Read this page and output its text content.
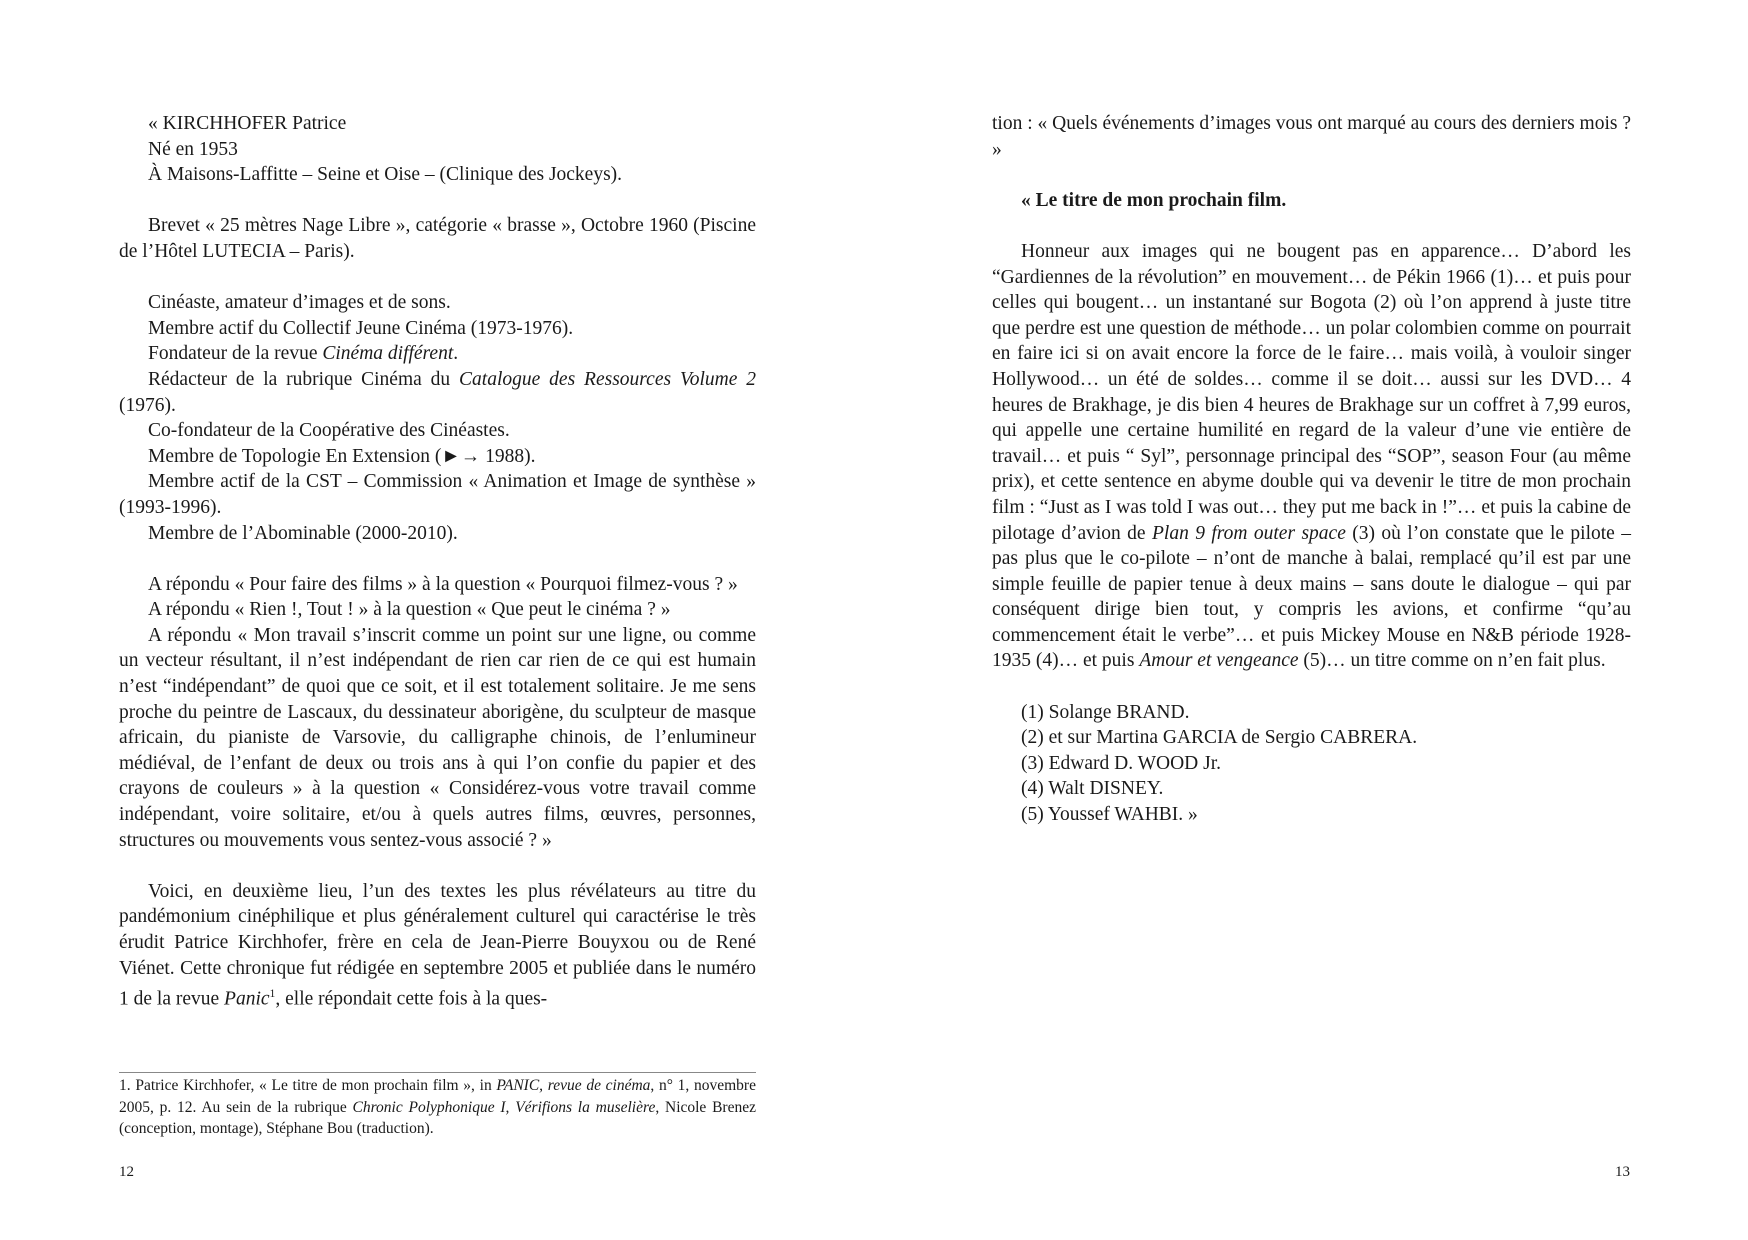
« KIRCHHOFER Patrice
Né en 1953
À Maisons-Laffitte – Seine et Oise – (Clinique des Jockeys).

Brevet « 25 mètres Nage Libre », catégorie « brasse », Octobre 1960 (Piscine de l’Hôtel LUTECIA – Paris).

Cinéaste, amateur d’images et de sons.
Membre actif du Collectif Jeune Cinéma (1973-1976).
Fondateur de la revue Cinéma différent.
Rédacteur de la rubrique Cinéma du Catalogue des Ressources Volume 2 (1976).
Co-fondateur de la Coopérative des Cinéastes.
Membre de Topologie En Extension (►→ 1988).
Membre actif de la CST – Commission « Animation et Image de synthèse » (1993-1996).
Membre de l’Abominable (2000-2010).
A répondu « Pour faire des films » à la question « Pourquoi filmez-vous ? »
A répondu « Rien !, Tout ! » à la question « Que peut le cinéma ? »
A répondu « Mon travail s’inscrit comme un point sur une ligne, ou comme un vecteur résultant, il n’est indépendant de rien car rien de ce qui est humain n’est “indépendant” de quoi que ce soit, et il est totalement solitaire. Je me sens proche du peintre de Lascaux, du dessinateur aborigène, du sculpteur de masque africain, du pianiste de Varsovie, du calligraphe chinois, de l’enlumineur médiéval, de l’enfant de deux ou trois ans à qui l’on confie du papier et des crayons de couleurs » à la question « Considérez-vous votre travail comme indépendant, voire solitaire, et/ou à quels autres films, œuvres, personnes, structures ou mouvements vous sentez-vous associé ? »

Voici, en deuxième lieu, l’un des textes les plus révélateurs au titre du pandémonium cinéphilique et plus généralement culturel qui caractérise le très érudit Patrice Kirchhofer, frère en cela de Jean-Pierre Bouyxou ou de René Viénet. Cette chronique fut rédigée en septembre 2005 et publiée dans le numéro 1 de la revue Panic$^1$, elle répondait cette fois à la ques-

1. Patrice Kirchhofer, « Le titre de mon prochain film », in PANIC, revue de cinéma, n° 1, novembre 2005, p. 12. Au sein de la rubrique Chronic Polyphonique I, Vérifions la muselière, Nicole Brenez (conception, montage), Stéphane Bou (traduction).
12

tion : « Quels événements d’images vous ont marqué au cours des derniers mois ? »

« Le titre de mon prochain film.

Honneur aux images qui ne bougent pas en apparence… D’abord les “Gardiennes de la révolution” en mouvement… de Pékin 1966 (1)… et puis pour celles qui bougent… un instantané sur Bogota (2) où l’on apprend à juste titre que perdre est une question de méthode… un polar colombien comme on pourrait en faire ici si on avait encore la force de le faire… mais voilà, à vouloir singer Hollywood… un été de soldes… comme il se doit… aussi sur les DVD… 4 heures de Brakhage, je dis bien 4 heures de Brakhage sur un coffret à 7,99 euros, qui appelle une certaine humilité en regard de la valeur d’une vie entière de travail… et puis “ Syl”, personnage principal des “SOP”, season Four (au même prix), et cette sentence en abyme double qui va devenir le titre de mon prochain film : “Just as I was told I was out… they put me back in !”… et puis la cabine de pilotage d’avion de Plan 9 from outer space (3) où l’on constate que le pilote – pas plus que le co-pilote – n’ont de manche à balai, remplacé qu’il est par une simple feuille de papier tenue à deux mains – sans doute le dialogue – qui par conséquent dirige bien tout, y compris les avions, et confirme “qu’au commencement était le verbe”… et puis Mickey Mouse en N&B période 1928-1935 (4)… et puis Amour et vengeance (5)… un titre comme on n’en fait plus.

(1) Solange BRAND.
(2) et sur Martina GARCIA de Sergio CABRERA.
(3) Edward D. WOOD Jr.
(4) Walt DISNEY.
(5) Youssef WAHBI. »
13
